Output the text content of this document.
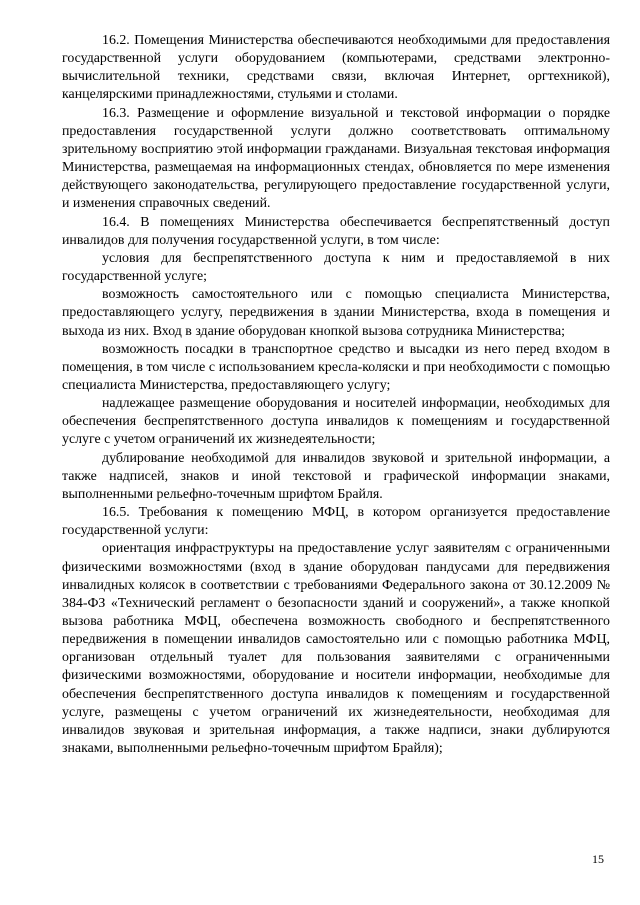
16.2. Помещения Министерства обеспечиваются необходимыми для предоставления государственной услуги оборудованием (компьютерами, средствами электронно-вычислительной техники, средствами связи, включая Интернет, оргтехникой), канцелярскими принадлежностями, стульями и столами.

16.3. Размещение и оформление визуальной и текстовой информации о порядке предоставления государственной услуги должно соответствовать оптимальному зрительному восприятию этой информации гражданами. Визуальная текстовая информация Министерства, размещаемая на информационных стендах, обновляется по мере изменения действующего законодательства, регулирующего предоставление государственной услуги, и изменения справочных сведений.

16.4. В помещениях Министерства обеспечивается беспрепятственный доступ инвалидов для получения государственной услуги, в том числе:

условия для беспрепятственного доступа к ним и предоставляемой в них государственной услуге;

возможность самостоятельного или с помощью специалиста Министерства, предоставляющего услугу, передвижения в здании Министерства, входа в помещения и выхода из них. Вход в здание оборудован кнопкой вызова сотрудника Министерства;

возможность посадки в транспортное средство и высадки из него перед входом в помещения, в том числе с использованием кресла-коляски и при необходимости с помощью специалиста Министерства, предоставляющего услугу;

надлежащее размещение оборудования и носителей информации, необходимых для обеспечения беспрепятственного доступа инвалидов к помещениям и государственной услуге с учетом ограничений их жизнедеятельности;

дублирование необходимой для инвалидов звуковой и зрительной информации, а также надписей, знаков и иной текстовой и графической информации знаками, выполненными рельефно-точечным шрифтом Брайля.

16.5. Требования к помещению МФЦ, в котором организуется предоставление государственной услуги:

ориентация инфраструктуры на предоставление услуг заявителям с ограниченными физическими возможностями (вход в здание оборудован пандусами для передвижения инвалидных колясок в соответствии с требованиями Федерального закона от 30.12.2009 № 384-ФЗ «Технический регламент о безопасности зданий и сооружений», а также кнопкой вызова работника МФЦ, обеспечена возможность свободного и беспрепятственного передвижения в помещении инвалидов самостоятельно или с помощью работника МФЦ, организован отдельный туалет для пользования заявителями с ограниченными физическими возможностями, оборудование и носители информации, необходимые для обеспечения беспрепятственного доступа инвалидов к помещениям и государственной услуге, размещены с учетом ограничений их жизнедеятельности, необходимая для инвалидов звуковая и зрительная информация, а также надписи, знаки дублируются знаками, выполненными рельефно-точечным шрифтом Брайля);

15
